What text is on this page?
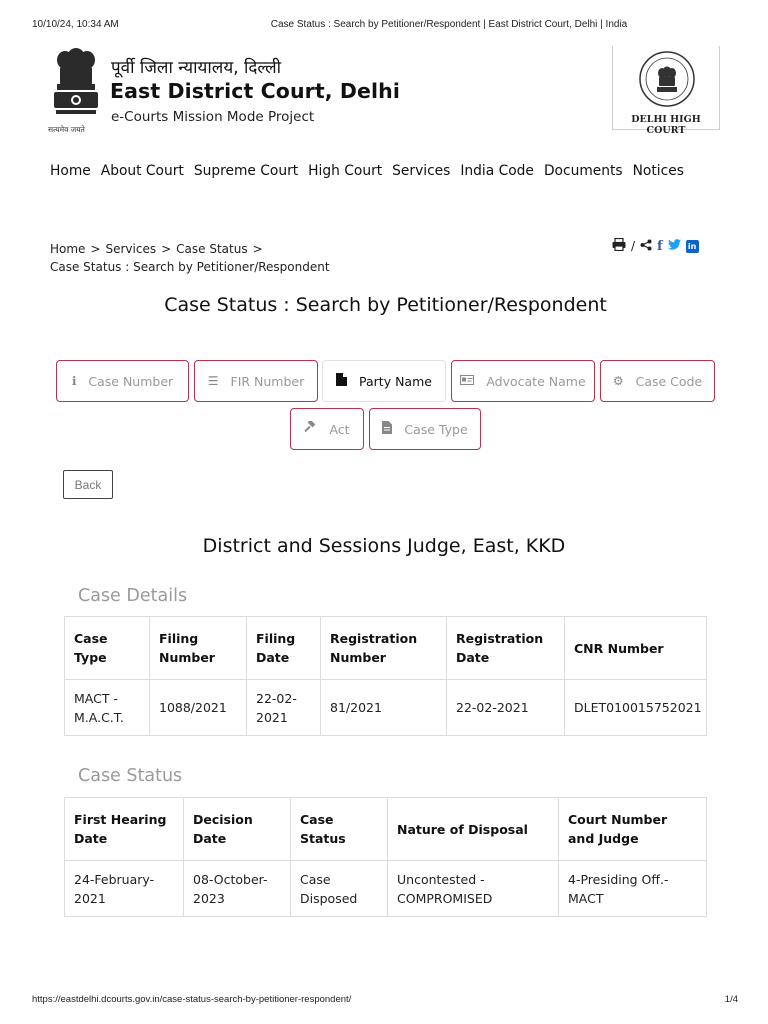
10/10/24, 10:34 AM	Case Status : Search by Petitioner/Respondent | East District Court, Delhi | India
सत्यमेव जयते
पूर्वी जिला न्यायालय, दिल्ली
East District Court, Delhi
e-Courts Mission Mode Project	DELHI HIGH COURT
Home About Court Supreme Court High Court Services India Code Documents Notices
Home > Services > Case Status >
Case Status : Search by Petitioner/Respondent
/ f	in
Case Status : Search by Petitioner/Respondent
ℹ Case Number	☰ FIR Number	Party Name	Advocate Name ⚙ Case Code
Act	Case Type
Back
District and Sessions Judge, East, KKD
Case Details
Case Type	Filing Number	Filing Date	Registration Number	Registration Date	CNR Number
MACT - M.A.C.T.	1088/2021	22-02-2021	81/2021	22-02-2021	DLET010015752021
Case Status
First Hearing Date	Decision Date	Case Status	Nature of Disposal	Court Number and Judge
24-February-2021	08-October-2023	Case Disposed	Uncontested - COMPROMISED	4-Presiding Off.-MACT
https://eastdelhi.dcourts.gov.in/case-status-search-by-petitioner-respondent/	1/4
